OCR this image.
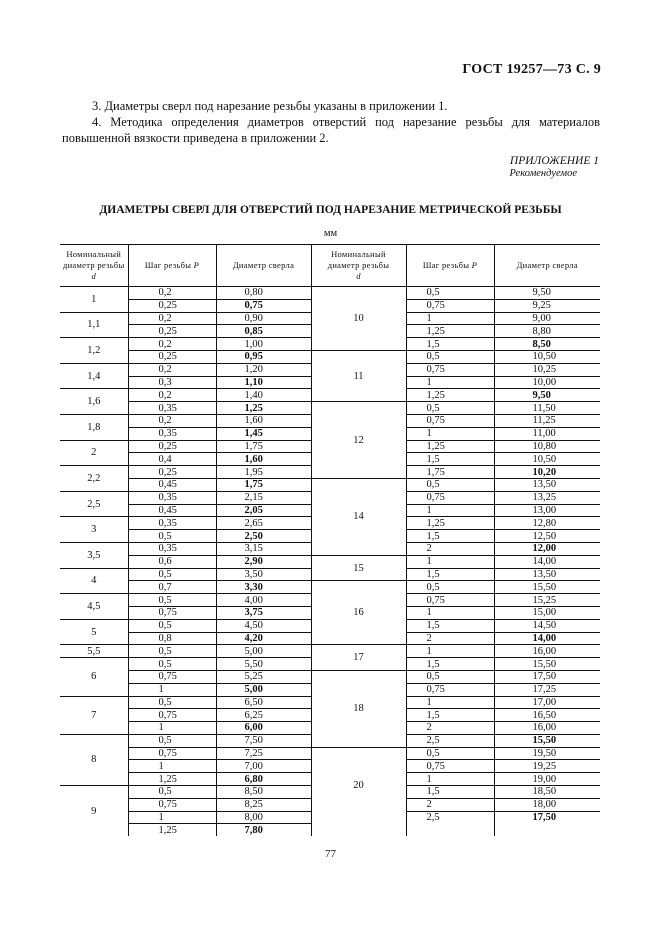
ГОСТ 19257—73 С. 9
3. Диаметры сверл под нарезание резьбы указаны в приложении 1.
4. Методика определения диаметров отверстий под нарезание резьбы для материалов повышенной вязкости приведена в приложении 2.
ПРИЛОЖЕНИЕ 1
Рекомендуемое
ДИАМЕТРЫ СВЕРЛ ДЛЯ ОТВЕРСТИЙ ПОД НАРЕЗАНИЕ МЕТРИЧЕСКОЙ РЕЗЬБЫ
мм
Номинальный
диаметр резьбы
d	Шаг резьбы P	Диаметр сверла	Номинальный
диаметр резьбы
d	Шаг резьбы P	Диаметр сверла
1	0,2	0,80	10	0,5	9,50
	0,25	0,75		0,75	9,25
1,1	0,2	0,90		1	9,00
	0,25	0,85		1,25	8,80
1,2	0,2	1,00		1,5	8,50
	0,25	0,95	11	0,5	10,50
1,4	0,2	1,20		0,75	10,25
	0,3	1,10		1	10,00
1,6	0,2	1,40		1,25	9,50
	0,35	1,25	12	0,5	11,50
1,8	0,2	1,60		0,75	11,25
	0,35	1,45		1	11,00
2	0,25	1,75		1,25	10,80
	0,4	1,60		1,5	10,50
2,2	0,25	1,95		1,75	10,20
	0,45	1,75	14	0,5	13,50
2,5	0,35	2,15		0,75	13,25
	0,45	2,05		1	13,00
3	0,35	2,65		1,25	12,80
	0,5	2,50		1,5	12,50
3,5	0,35	3,15		2	12,00
	0,6	2,90	15	1	14,00
4	0,5	3,50		1,5	13,50
	0,7	3,30	16	0,5	15,50
4,5	0,5	4,00		0,75	15,25
	0,75	3,75		1	15,00
5	0,5	4,50		1,5	14,50
	0,8	4,20		2	14,00
5,5	0,5	5,00	17	1	16,00
6	0,5	5,50		1,5	15,50
	0,75	5,25	18	0,5	17,50
	1	5,00		0,75	17,25
7	0,5	6,50		1	17,00
	0,75	6,25		1,5	16,50
	1	6,00		2	16,00
8	0,5	7,50		2,5	15,50
	0,75	7,25	20	0,5	19,50
	1	7,00		0,75	19,25
	1,25	6,80		1	19,00
9	0,5	8,50		1,5	18,50
	0,75	8,25		2	18,00
	1	8,00		2,5	17,50
	1,25	7,80			
77
